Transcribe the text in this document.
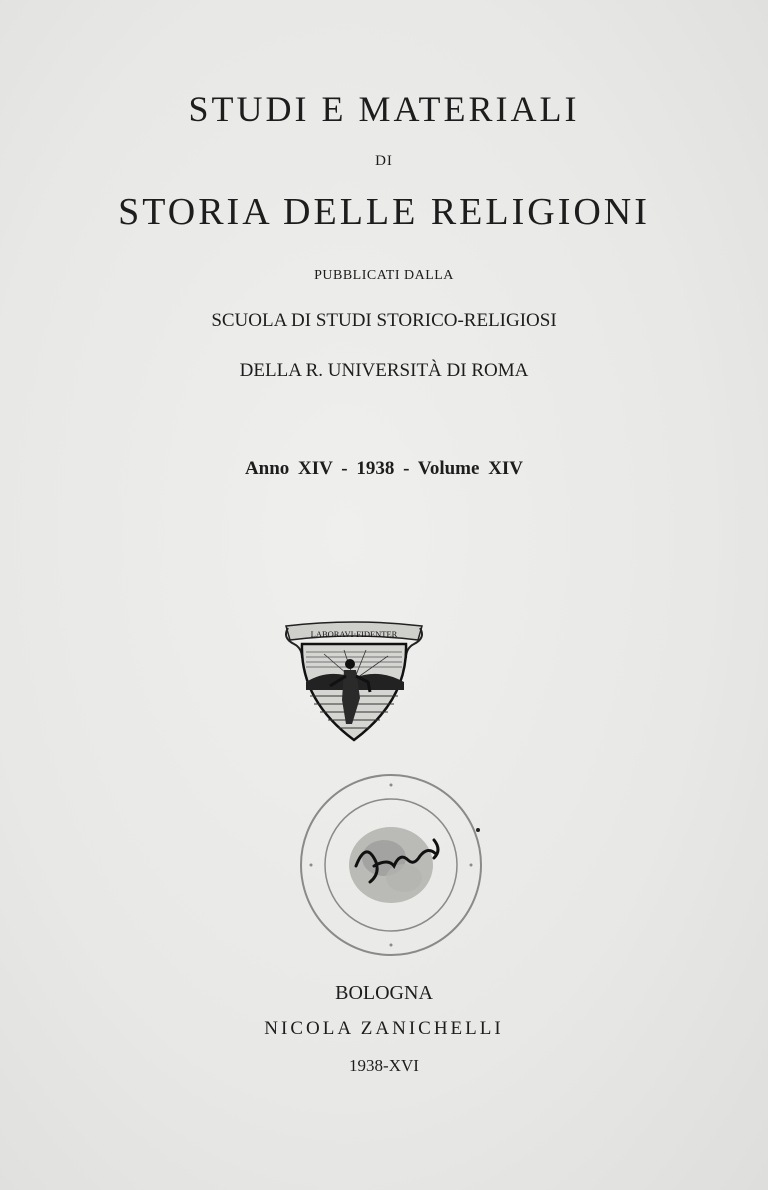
STUDI E MATERIALI
DI
STORIA DELLE RELIGIONI
PUBBLICATI DALLA
SCUOLA DI STUDI STORICO-RELIGIOSI
DELLA R. UNIVERSITÀ DI ROMA
Anno XIV - 1938 - Volume XIV
LABORAVI·FIDENTER
BOLOGNA
NICOLA ZANICHELLI
1938-XVI
